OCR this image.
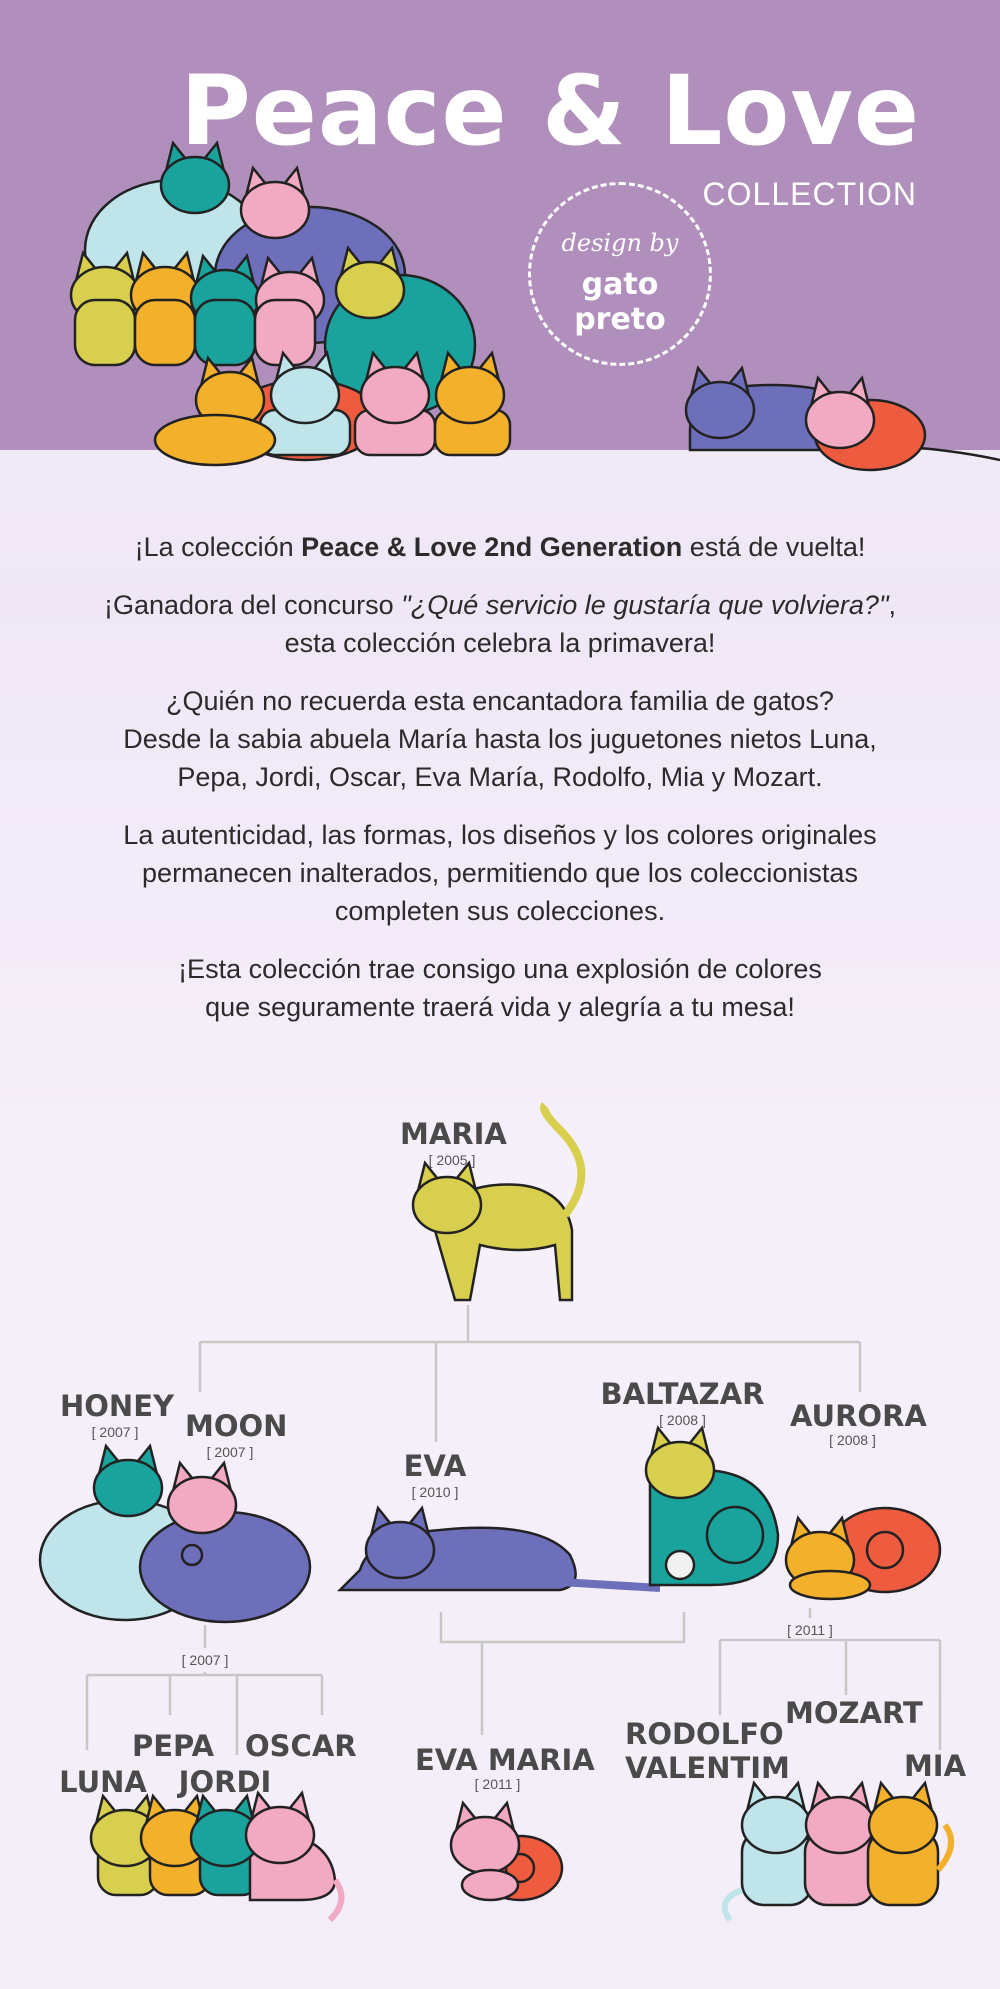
Peace & Love
COLLECTION
design by
gato preto

¡La colección Peace & Love 2nd Generation está de vuelta!

¡Ganadora del concurso "¿Qué servicio le gustaría que volviera?",
esta colección celebra la primavera!

¿Quién no recuerda esta encantadora familia de gatos?
Desde la sabia abuela María hasta los juguetones nietos Luna,
Pepa, Jordi, Oscar, Eva María, Rodolfo, Mia y Mozart.

La autenticidad, las formas, los diseños y los colores originales
permanecen inalterados, permitiendo que los coleccionistas
completen sus colecciones.

¡Esta colección trae consigo una explosión de colores
que seguramente traerá vida y alegría a tu mesa!

MARIA
[ 2005 ]
HONEY
[ 2007 ]	MOON
[ 2007 ]	EVA
[ 2010 ]
BALTAZAR
[ 2008 ]	AURORA
[ 2008 ]
[ 2007 ]
[ 2011 ]
LUNA
PEPA
JORDI
OSCAR EVA MARIA
[ 2011 ]
RODOLFO
VALENTIM
MOZART
MIA
